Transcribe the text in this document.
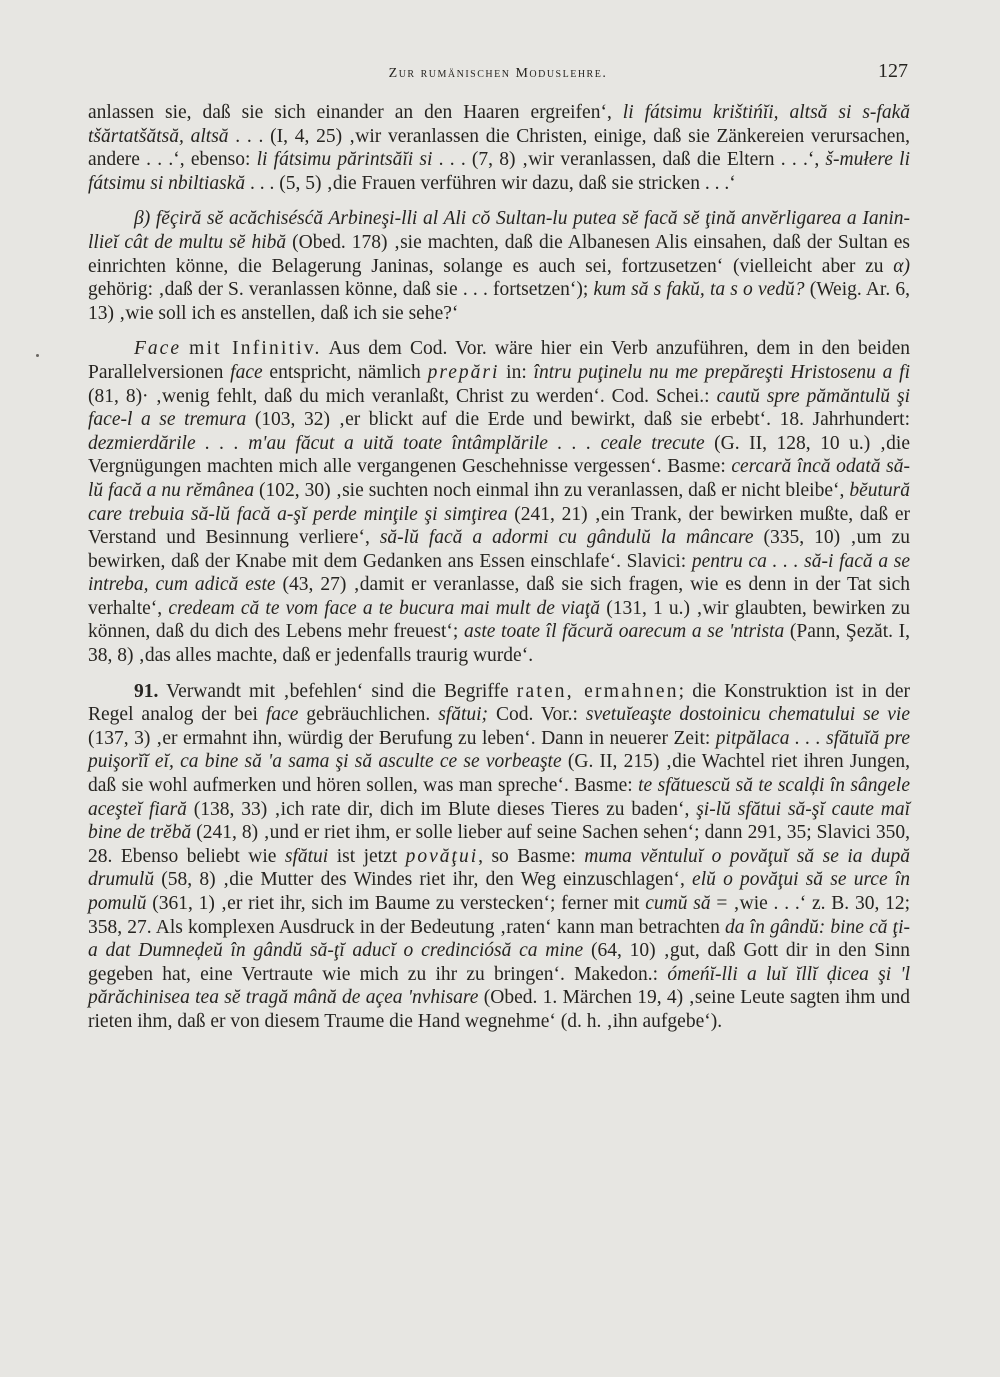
Zur rumänischen Moduslehre.	127

anlassen sie, daß sie sich einander an den Haaren ergreifen‘, li fátsimu krištińĭi, altsă si s-fakă tšărtatšătsă, altsă . . . (I, 4, 25) ‚wir veranlassen die Christen, einige, daß sie Zänkereien verursachen, andere . . .‘, ebenso: li fátsimu părintsăĭi si . . . (7, 8) ‚wir veranlassen, daß die Eltern . . .‘, š-mułere li fátsimu si nbiltiaskă . . . (5, 5) ‚die Frauen verführen wir dazu, daß sie stricken . . .‘

β) fĕçiră sĕ acăchisésćă Arbineşi-lli al Ali cŏ Sultan-lu putea sĕ facă sĕ ţină anvĕrligarea a Ianin-llieĭ cât de multu sĕ hibă (Obed. 178) ‚sie machten, daß die Albanesen Alis einsahen, daß der Sultan es einrichten könne, die Belagerung Janinas, solange es auch sei, fortzusetzen‘ (vielleicht aber zu α) gehörig: ‚daß der S. veranlassen könne, daß sie . . . fortsetzen‘); kum să s fakŭ, ta s o vedŭ? (Weig. Ar. 6, 13) ‚wie soll ich es anstellen, daß ich sie sehe?‘

Face mit Infinitiv. Aus dem Cod. Vor. wäre hier ein Verb anzuführen, dem in den beiden Parallelversionen face entspricht, nämlich prepări in: întru puţinelu nu me prepăreşti Hristosenu a fi (81, 8)· ‚wenig fehlt, daß du mich veranlaßt, Christ zu werden‘. Cod. Schei.: cautŭ spre pămăntulŭ şi face-l a se tremura (103, 32) ‚er blickt auf die Erde und bewirkt, daß sie erbebt‘. 18. Jahrhundert: dezmierdările . . . m'au făcut a uită toate întâmplările . . . ceale trecute (G. II, 128, 10 u.) ‚die Vergnügungen machten mich alle vergangenen Geschehnisse vergessen‘. Basme: cercară încă odată să-lŭ facă a nu rĕmânea (102, 30) ‚sie suchten noch einmal ihn zu veranlassen, daß er nicht bleibe‘, bĕutură care trebuia să-lŭ facă a-şĭ perde minţile şi simţirea (241, 21) ‚ein Trank, der bewirken mußte, daß er Verstand und Besinnung verliere‘, să-lŭ facă a adormi cu gândulŭ la mâncare (335, 10) ‚um zu bewirken, daß der Knabe mit dem Gedanken ans Essen einschlafe‘. Slavici: pentru ca . . . să-i facă a se intreba, cum adică este (43, 27) ‚damit er veranlasse, daß sie sich fragen, wie es denn in der Tat sich verhalte‘, credeam că te vom face a te bucura mai mult de viaţă (131, 1 u.) ‚wir glaubten, bewirken zu können, daß du dich des Lebens mehr freuest‘; aste toate îl făcură oarecum a se 'ntrista (Pann, Şezăt. I, 38, 8) ‚das alles machte, daß er jedenfalls traurig wurde‘.

91. Verwandt mit ‚befehlen‘ sind die Begriffe raten, ermahnen; die Konstruktion ist in der Regel analog der bei face gebräuchlichen. sfătui; Cod. Vor.: svetuĭeaşte dostoinicu chematului se vie (137, 3) ‚er ermahnt ihn, würdig der Berufung zu leben‘. Dann in neuerer Zeit: pitpălaca . . . sfătuĭă pre puişorĭĭ eĭ, ca bine să 'a sama şi să asculte ce se vorbeaşte (G. II, 215) ‚die Wachtel riet ihren Jungen, daß sie wohl aufmerken und hören sollen, was man spreche‘. Basme: te sfătuescŭ să te scalḑi în sângele aceşteĭ fiară (138, 33) ‚ich rate dir, dich im Blute dieses Tieres zu baden‘, şi-lŭ sfătui să-şĭ caute maĭ bine de trĕbă (241, 8) ‚und er riet ihm, er solle lieber auf seine Sachen sehen‘; dann 291, 35; Slavici 350, 28. Ebenso beliebt wie sfătui ist jetzt povăţui, so Basme: muma vĕntuluĭ o povăţuĭ să se ia după drumulŭ (58, 8) ‚die Mutter des Windes riet ihr, den Weg einzuschlagen‘, elŭ o povăţui să se urce în pomulŭ (361, 1) ‚er riet ihr, sich im Baume zu verstecken‘; ferner mit cumŭ să = ‚wie . . .‘ z. B. 30, 12; 358, 27. Als komplexen Ausdruck in der Bedeutung ‚raten‘ kann man betrachten da în gândŭ: bine că ţi-a dat Dumneḑeŭ în gândŭ să-ţĭ aducĭ o credinciósă ca mine (64, 10) ‚gut, daß Gott dir in den Sinn gegeben hat, eine Vertraute wie mich zu ihr zu bringen‘. Makedon.: ómeńĭ-lli a luĭ ĭllĭ ḑicea şi 'l părăchinisea tea sĕ tragă mână de açea 'nvhisare (Obed. 1. Märchen 19, 4) ‚seine Leute sagten ihm und rieten ihm, daß er von diesem Traume die Hand wegnehme‘ (d. h. ‚ihn aufgebe‘).
